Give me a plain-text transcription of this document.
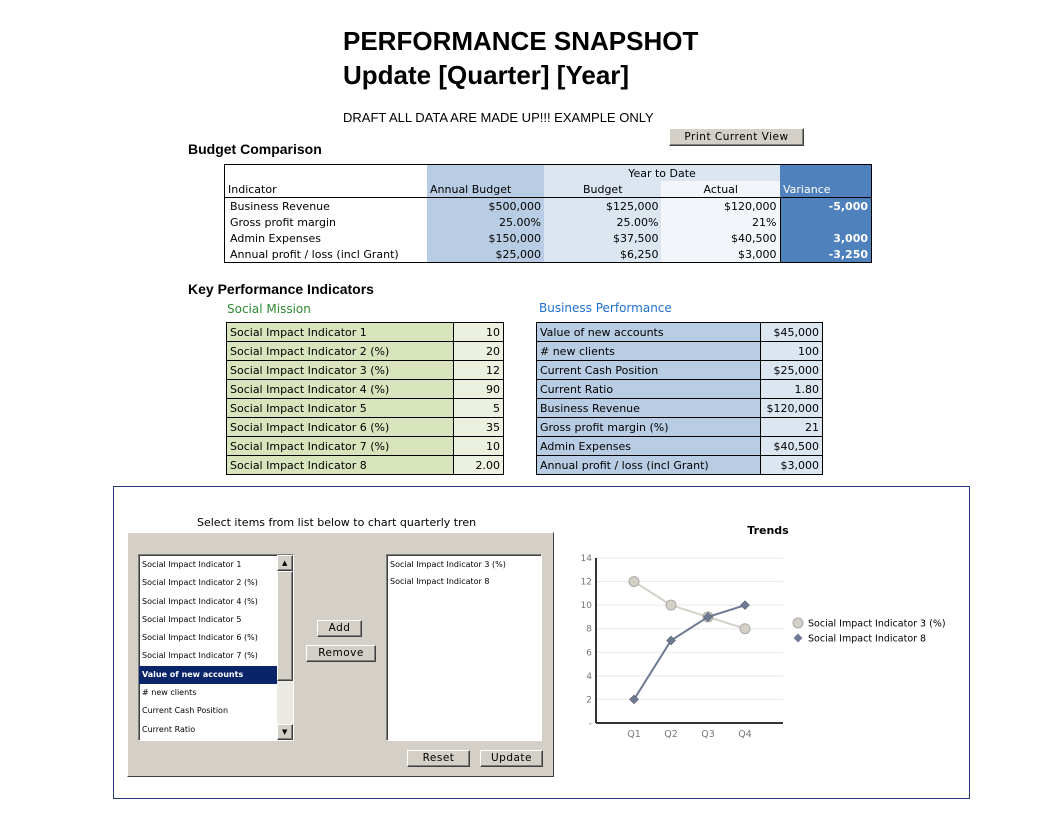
PERFORMANCE SNAPSHOT
Update [Quarter] [Year]
DRAFT ALL DATA ARE MADE UP!!! EXAMPLE ONLY
Print Current View
Budget Comparison
		Year to Date		
Indicator	Annual Budget	Budget	Actual	Variance
Business Revenue	$500,000	$125,000	$120,000	-5,000
Gross profit margin	25.00%	25.00%	21%	
Admin Expenses	$150,000	$37,500	$40,500	3,000
Annual profit / loss (incl Grant)	$25,000	$6,250	$3,000	-3,250
Key Performance Indicators
Social Mission	Business Performance
Social Impact Indicator 1	10
Social Impact Indicator 2 (%)	20
Social Impact Indicator 3 (%)	12
Social Impact Indicator 4 (%)	90
Social Impact Indicator 5	5
Social Impact Indicator 6 (%)	35
Social Impact Indicator 7 (%)	10
Social Impact Indicator 8	2.00
Value of new accounts	$45,000
# new clients	100
Current Cash Position	$25,000
Current Ratio	1.80
Business Revenue	$120,000
Gross profit margin (%)	21
Admin Expenses	$40,500
Annual profit / loss (incl Grant)	$3,000
Select items from list below to chart quarterly tren
▲
▼
Social Impact Indicator 1
Social Impact Indicator 2 (%)
Social Impact Indicator 4 (%)
Social Impact Indicator 5
Social Impact Indicator 6 (%)
Social Impact Indicator 7 (%)
Value of new accounts
# new clients
Current Cash Position
Current Ratio
Social Impact Indicator 3 (%)
Social Impact Indicator 8
Add
Remove
Reset	Update
Trends
-
2
4
6
8
10
12
14
Q1 Q2 Q3 Q4
Social Impact Indicator 3 (%)
Social Impact Indicator 8
